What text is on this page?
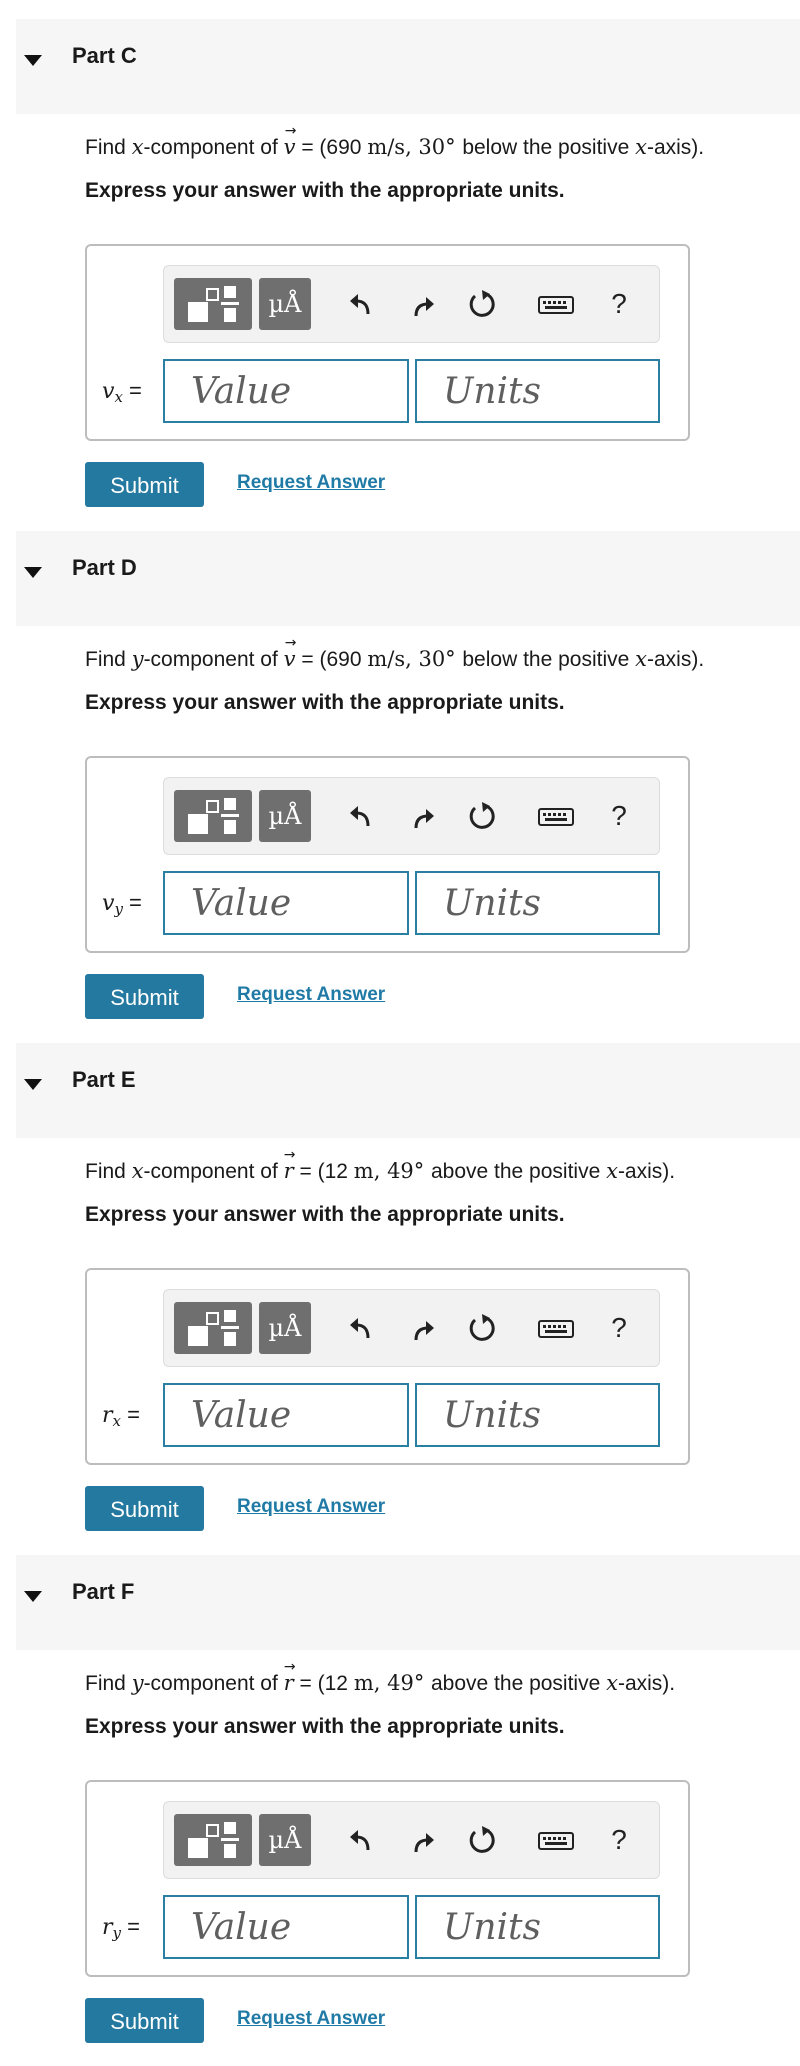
Part C
Find x-component of
→
v = (690 m/s, 30° below the positive x-axis).
Express your answer with the appropriate units.
µÅ	?
$v_x$ =
Value
Units
Submit	Request Answer
Part D
Find y-component of
→
v = (690 m/s, 30° below the positive x-axis).
Express your answer with the appropriate units.
µÅ	?
$v_y$ =
Value
Units
Submit	Request Answer
Part E
Find x-component of
→
r = (12 m, 49° above the positive x-axis).
Express your answer with the appropriate units.
µÅ	?
$r_x$ =
Value
Units
Submit	Request Answer
Part F
Find y-component of
→
r = (12 m, 49° above the positive x-axis).
Express your answer with the appropriate units.
µÅ	?
$r_y$ =
Value
Units
Submit	Request Answer
